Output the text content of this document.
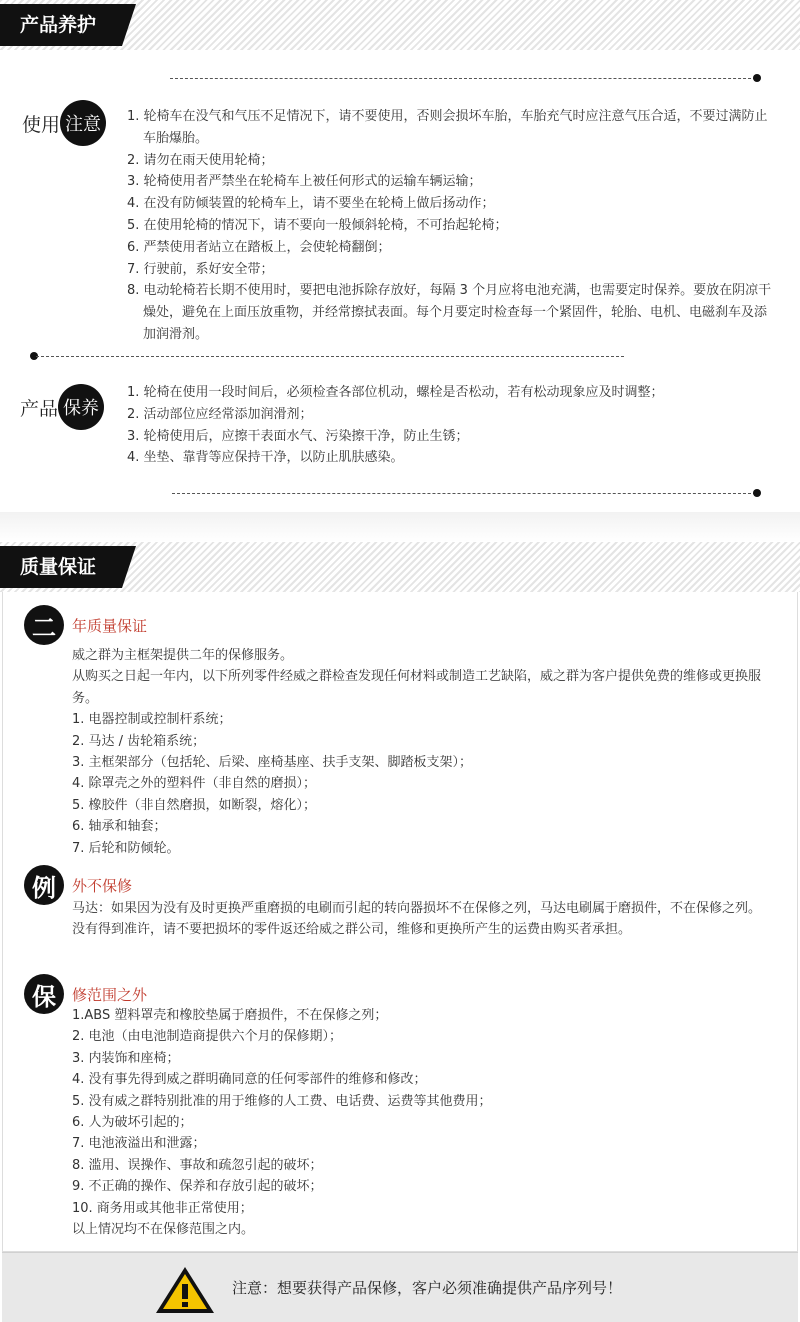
产品养护
使用 注意	1. 轮椅车在没气和气压不足情况下，请不要使用，否则会损坏车胎，车胎充气时应注意气压合适，不要过满防止车胎爆胎。
2. 请勿在雨天使用轮椅；
3. 轮椅使用者严禁坐在轮椅车上被任何形式的运输车辆运输；
4. 在没有防倾装置的轮椅车上，请不要坐在轮椅上做后扬动作；
5. 在使用轮椅的情况下，请不要向一般倾斜轮椅，不可抬起轮椅；
6. 严禁使用者站立在踏板上，会使轮椅翻倒；
7. 行驶前，系好安全带；
8. 电动轮椅若长期不使用时，要把电池拆除存放好，每隔 3 个月应将电池充满，也需要定时保养。要放在阴凉干燥处，避免在上面压放重物，并经常擦拭表面。每个月要定时检查每一个紧固件，轮胎、电机、电磁刹车及添加润滑剂。
产品 保养
1. 轮椅在使用一段时间后，必须检查各部位机动，螺栓是否松动，若有松动现象应及时调整；
2. 活动部位应经常添加润滑剂；
3. 轮椅使用后，应擦干表面水气、污染擦干净，防止生锈；
4. 坐垫、靠背等应保持干净，以防止肌肤感染。
质量保证
二	年质量保证
威之群为主框架提供二年的保修服务。
从购买之日起一年内，以下所列零件经威之群检查发现任何材料或制造工艺缺陷，威之群为客户提供免费的维修或更换服务。
1. 电器控制或控制杆系统；
2. 马达 / 齿轮箱系统；
3. 主框架部分（包括轮、后梁、座椅基座、扶手支架、脚踏板支架）；
4. 除罩壳之外的塑料件（非自然的磨损）；
5. 橡胶件（非自然磨损，如断裂，熔化）；
6. 轴承和轴套；
7. 后轮和防倾轮。
例	外不保修
马达：如果因为没有及时更换严重磨损的电刷而引起的转向器损坏不在保修之列，马达电刷属于磨损件，不在保修之列。
没有得到准许，请不要把损坏的零件返还给威之群公司，维修和更换所产生的运费由购买者承担。
保	修范围之外
1.ABS 塑料罩壳和橡胶垫属于磨损件，不在保修之列；
2. 电池（由电池制造商提供六个月的保修期）；
3. 内装饰和座椅；
4. 没有事先得到威之群明确同意的任何零部件的维修和修改；
5. 没有威之群特别批准的用于维修的人工费、电话费、运费等其他费用；
6. 人为破坏引起的；
7. 电池液溢出和泄露；
8. 滥用、误操作、事故和疏忽引起的破坏；
9. 不正确的操作、保养和存放引起的破坏；
10. 商务用或其他非正常使用；
以上情况均不在保修范围之内。
注意：想要获得产品保修，客户必须准确提供产品序列号！
